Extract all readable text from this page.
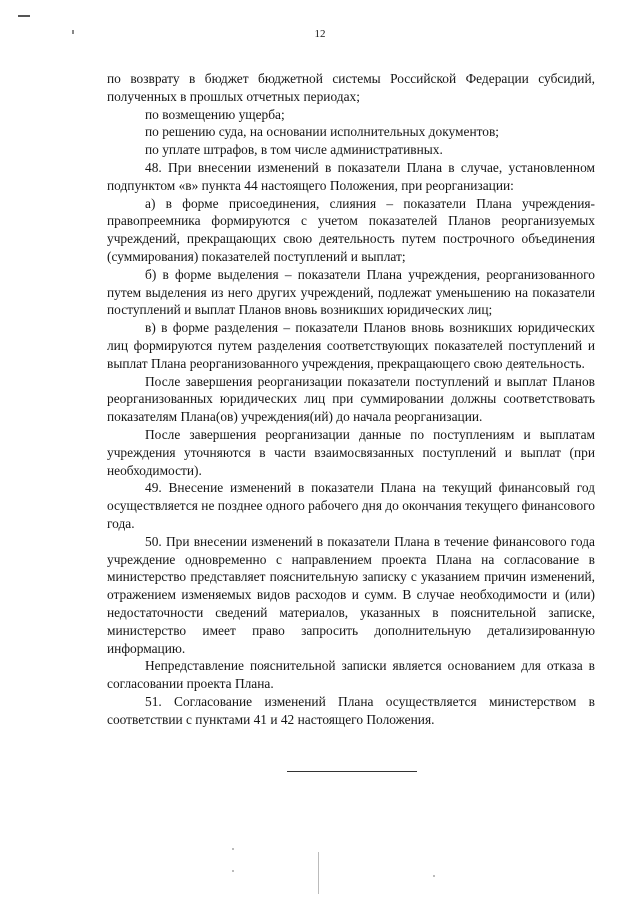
12

по возврату в бюджет бюджетной системы Российской Федерации субсидий, полученных в прошлых отчетных периодах;

по возмещению ущерба;

по решению суда, на основании исполнительных документов;

по уплате штрафов, в том числе административных.

48. При внесении изменений в показатели Плана в случае, установленном подпунктом «в» пункта 44 настоящего Положения, при реорганизации:

а) в форме присоединения, слияния – показатели Плана учреждения-правопреемника формируются с учетом показателей Планов реорганизуемых учреждений, прекращающих свою деятельность путем построчного объединения (суммирования) показателей поступлений и выплат;

б) в форме выделения – показатели Плана учреждения, реорганизованного путем выделения из него других учреждений, подлежат уменьшению на показатели поступлений и выплат Планов вновь возникших юридических лиц;

в) в форме разделения – показатели Планов вновь возникших юридических лиц формируются путем разделения соответствующих показателей поступлений и выплат Плана реорганизованного учреждения, прекращающего свою деятельность.

После завершения реорганизации показатели поступлений и выплат Планов реорганизованных юридических лиц при суммировании должны соответствовать показателям Плана(ов) учреждения(ий) до начала реорганизации.

После завершения реорганизации данные по поступлениям и выплатам учреждения уточняются в части взаимосвязанных поступлений и выплат (при необходимости).

49. Внесение изменений в показатели Плана на текущий финансовый год осуществляется не позднее одного рабочего дня до окончания текущего финансового года.

50. При внесении изменений в показатели Плана в течение финансового года учреждение одновременно с направлением проекта Плана на согласование в министерство представляет пояснительную записку с указанием причин изменений, отражением изменяемых видов расходов и сумм. В случае необходимости и (или) недостаточности сведений материалов, указанных в пояснительной записке, министерство имеет право запросить дополнительную детализированную информацию.

Непредставление пояснительной записки является основанием для отказа в согласовании проекта Плана.

51. Согласование изменений Плана осуществляется министерством в соответствии с пунктами 41 и 42 настоящего Положения.
